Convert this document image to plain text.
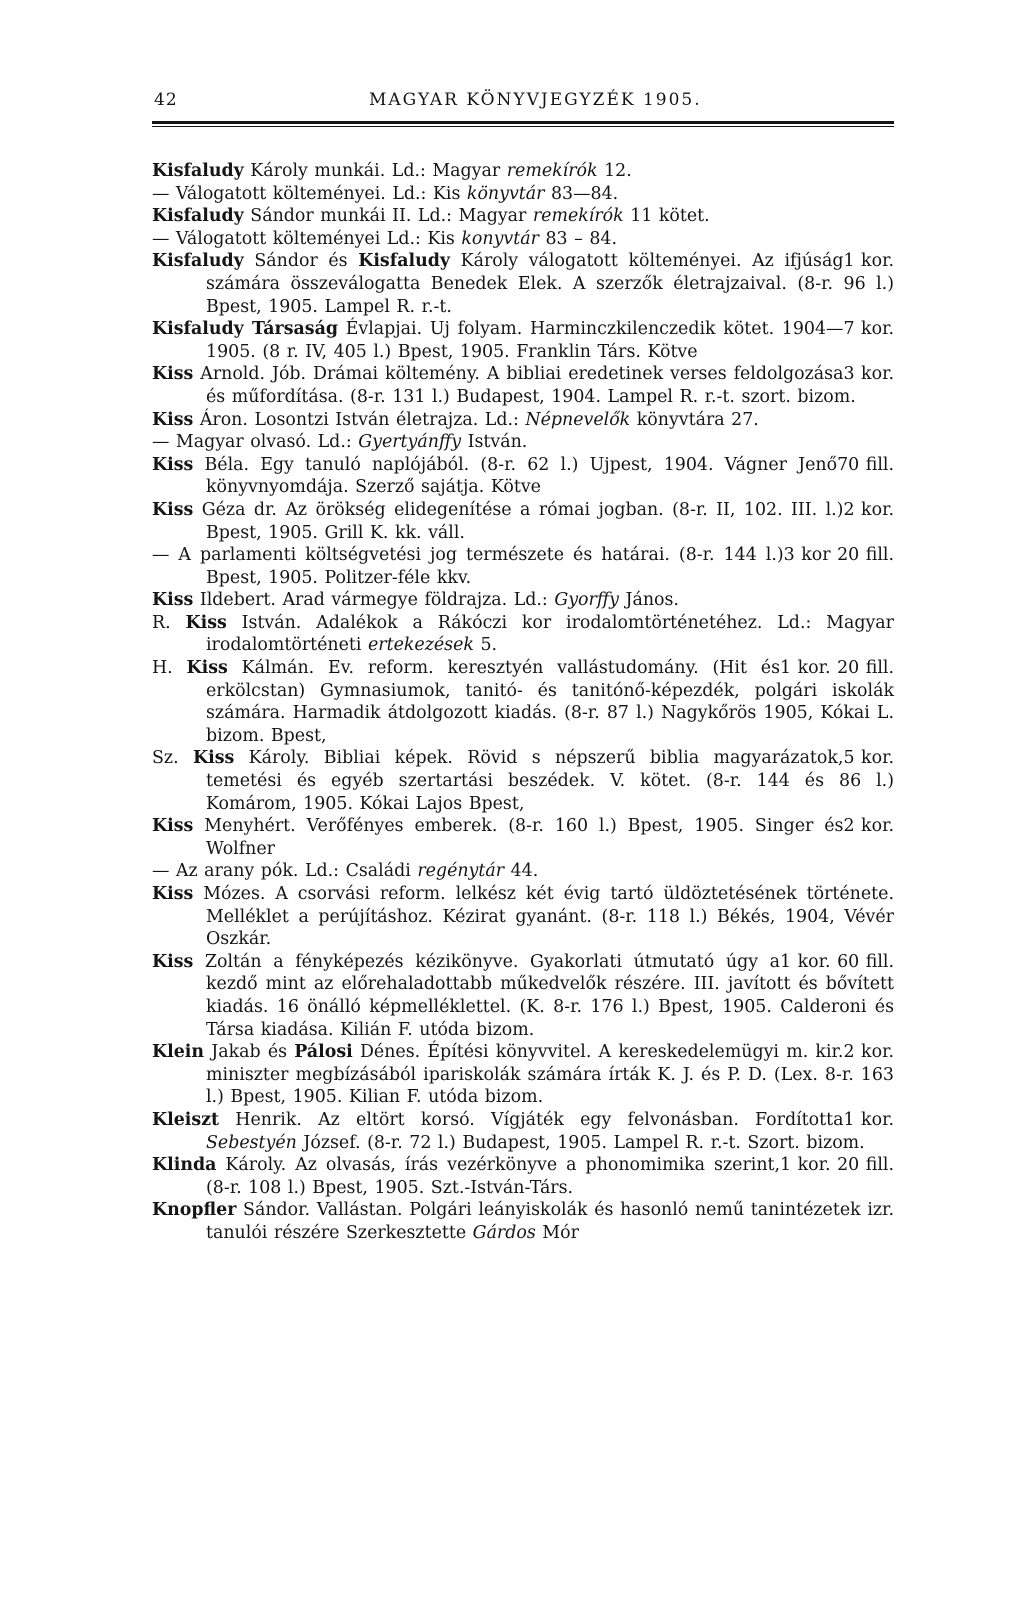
42	MAGYAR KÖNYVJEGYZÉK 1905.

Kisfaludy Károly munkái. Ld.: Magyar remekírók 12.

— Válogatott költeményei. Ld.: Kis könyvtár 83—84.

Kisfaludy Sándor munkái II. Ld.: Magyar remekírók 11 kötet.

— Válogatott költeményei Ld.: Kis konyvtár 83 – 84.

1 kor.
Kisfaludy Sándor és Kisfaludy Károly válogatott költeményei. Az ifjúság számára összeválogatta Benedek Elek. A szerzők életrajzaival. (8-r. 96 l.) Bpest, 1905. Lampel R. r.-t.

7 kor.
Kisfaludy Társaság Évlapjai. Uj folyam. Harminczkilenczedik kötet. 1904—1905. (8 r. IV, 405 l.) Bpest, 1905. Franklin Társ. Kötve

3 kor.
Kiss Arnold. Jób. Drámai költemény. A bibliai eredetinek verses feldolgozása és műfordítása. (8-r. 131 l.) Budapest, 1904. Lampel R. r.-t. szort. bizom.

Kiss Áron. Losontzi István életrajza. Ld.: Népnevelők könyvtára 27.

— Magyar olvasó. Ld.: Gyertyánffy István.

70 fill.
Kiss Béla. Egy tanuló naplójából. (8-r. 62 l.) Ujpest, 1904. Vágner Jenő könyvnyomdája. Szerző sajátja. Kötve

2 kor.
Kiss Géza dr. Az örökség elidegenítése a római jogban. (8-r. II, 102. III. l.) Bpest, 1905. Grill K. kk. váll.

3 kor 20 fill.
— A parlamenti költségvetési jog természete és határai. (8-r. 144 l.) Bpest, 1905. Politzer-féle kkv.

Kiss Ildebert. Arad vármegye földrajza. Ld.: Gyorffy János.

R. Kiss István. Adalékok a Rákóczi kor irodalomtörténetéhez. Ld.: Magyar irodalomtörténeti ertekezések 5.

1 kor. 20 fill.
H. Kiss Kálmán. Ev. reform. keresztyén vallástudomány. (Hit és erkölcstan) Gymnasiumok, tanitó- és tanitónő-képezdék, polgári iskolák számára. Harmadik átdolgozott kiadás. (8-r. 87 l.) Nagykőrös 1905, Kókai L. bizom. Bpest,

5 kor.
Sz. Kiss Károly. Bibliai képek. Rövid s népszerű biblia magyarázatok, temetési és egyéb szertartási beszédek. V. kötet. (8-r. 144 és 86 l.) Komárom, 1905. Kókai Lajos Bpest,

2 kor.
Kiss Menyhért. Verőfényes emberek. (8-r. 160 l.) Bpest, 1905. Singer és Wolfner

— Az arany pók. Ld.: Családi regénytár 44.

Kiss Mózes. A csorvási reform. lelkész két évig tartó üldöztetésének története. Melléklet a perújításhoz. Kézirat gyanánt. (8-r. 118 l.) Békés, 1904, Vévér Oszkár.

1 kor. 60 fill.
Kiss Zoltán a fényképezés kézikönyve. Gyakorlati útmutató úgy a kezdő mint az előrehaladottabb műkedvelők részére. III. javított és bővített kiadás. 16 önálló képmelléklettel. (K. 8-r. 176 l.) Bpest, 1905. Calderoni és Társa kiadása. Kilián F. utóda bizom.

2 kor.
Klein Jakab és Pálosi Dénes. Építési könyvvitel. A kereskedelemügyi m. kir. miniszter megbízásából ipariskolák számára írták K. J. és P. D. (Lex. 8-r. 163 l.) Bpest, 1905. Kilian F. utóda bizom.

1 kor.
Kleiszt Henrik. Az eltört korsó. Vígjáték egy felvonásban. Fordította Sebestyén József. (8-r. 72 l.) Budapest, 1905. Lampel R. r.-t. Szort. bizom.

1 kor. 20 fill.
Klinda Károly. Az olvasás, írás vezérkönyve a phonomimika szerint, (8-r. 108 l.) Bpest, 1905. Szt.-István-Társ.

Knopfler Sándor. Vallástan. Polgári leányiskolák és hasonló nemű tanintézetek izr. tanulói részére Szerkesztette Gárdos Mór
